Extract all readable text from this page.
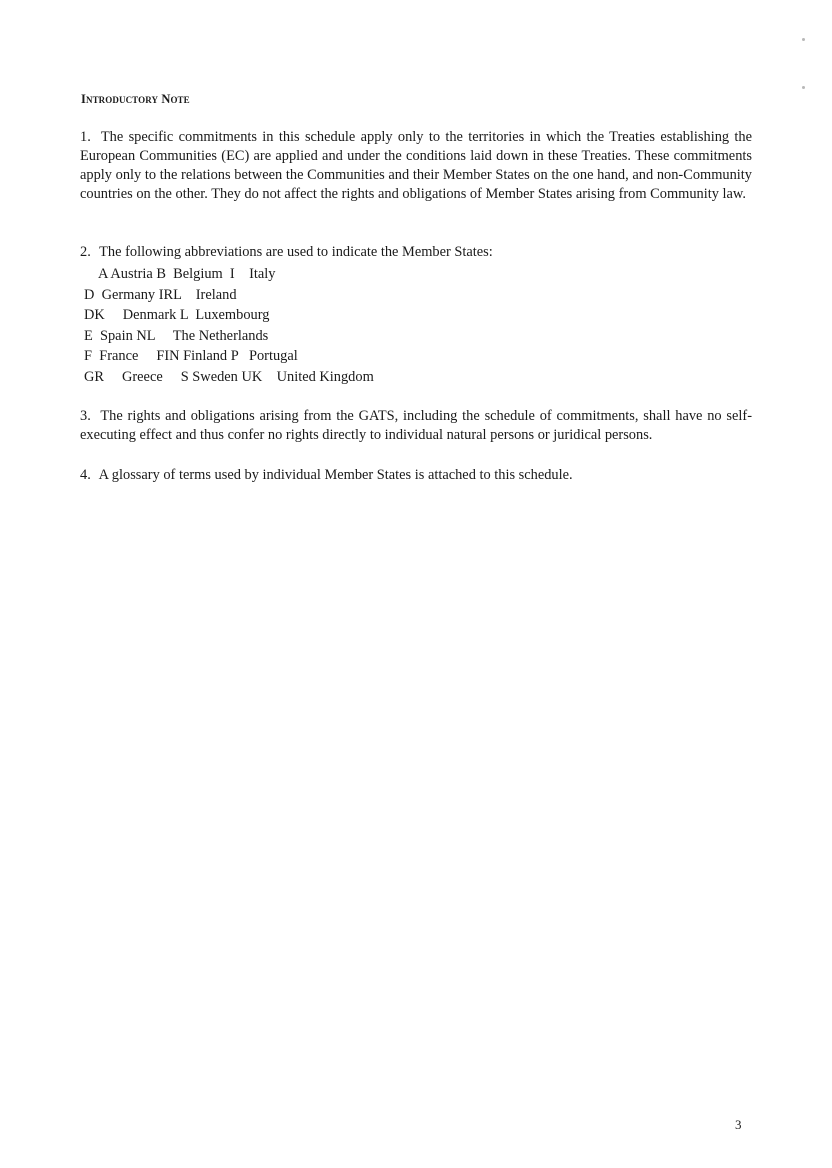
Introductory Note
1. The specific commitments in this schedule apply only to the territories in which the Treaties establishing the European Communities (EC) are applied and under the conditions laid down in these Treaties. These commitments apply only to the relations between the Communities and their Member States on the one hand, and non-Community countries on the other. They do not affect the rights and obligations of Member States arising from Community law.
2. The following abbreviations are used to indicate the Member States:
A Austria B  Belgium  I    Italy
D  Germany IRL    Ireland
DK     Denmark L  Luxembourg
E  Spain NL     The Netherlands
F  France     FIN Finland P   Portugal
GR     Greece     S Sweden UK    United Kingdom
3. The rights and obligations arising from the GATS, including the schedule of commitments, shall have no self-executing effect and thus confer no rights directly to individual natural persons or juridical persons.
4. A glossary of terms used by individual Member States is attached to this schedule.
3
